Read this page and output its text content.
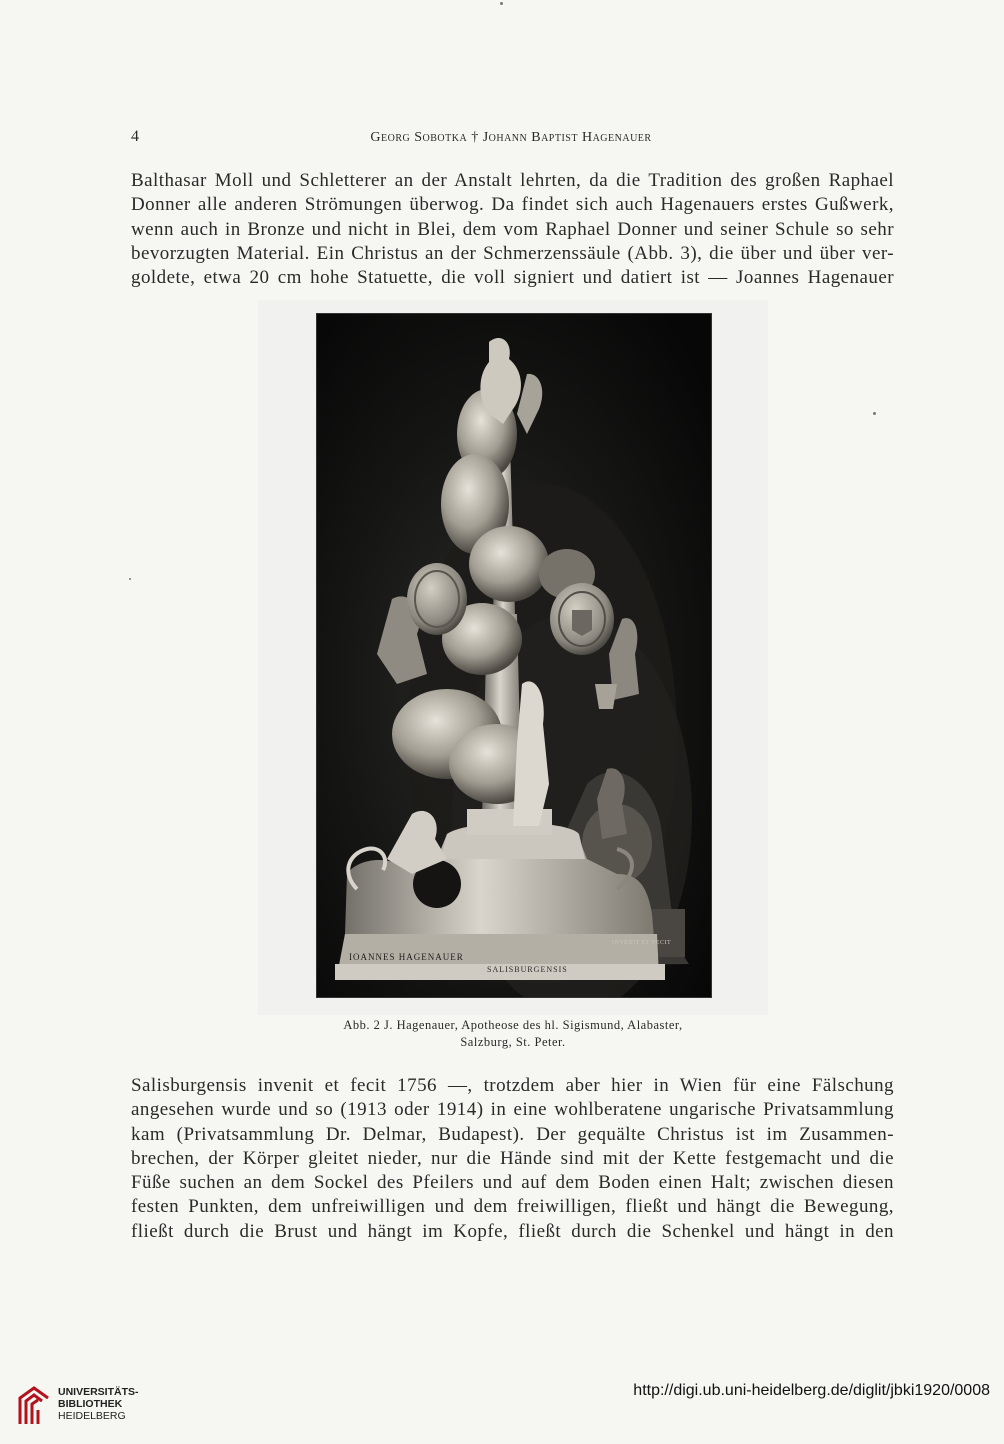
4	Georg Sobotka † Johann Baptist Hagenauer
Balthasar Moll und Schletterer an der Anstalt lehrten, da die Tradition des großen Raphael
Donner alle anderen Strömungen überwog. Da findet sich auch Hagenauers erstes Gußwerk,
wenn auch in Bronze und nicht in Blei, dem vom Raphael Donner und seiner Schule so sehr
bevorzugten Material. Ein Christus an der Schmerzenssäule (Abb. 3), die über und über ver-
goldete, etwa 20 cm hohe Statuette, die voll signiert und datiert ist — Joannes Hagenauer
IOANNES HAGENAUER
SALISBURGENSIS
INVENIT ET FECIT
Abb. 2 J. Hagenauer, Apotheose des hl. Sigismund, Alabaster,
Salzburg, St. Peter.
Salisburgensis invenit et fecit 1756 —, trotzdem aber hier in Wien für eine Fälschung
angesehen wurde und so (1913 oder 1914) in eine wohlberatene ungarische Privatsammlung
kam (Privatsammlung Dr. Delmar, Budapest). Der gequälte Christus ist im Zusammen-
brechen, der Körper gleitet nieder, nur die Hände sind mit der Kette festgemacht und die
Füße suchen an dem Sockel des Pfeilers und auf dem Boden einen Halt; zwischen diesen
festen Punkten, dem unfreiwilligen und dem freiwilligen, fließt und hängt die Bewegung,
fließt durch die Brust und hängt im Kopfe, fließt durch die Schenkel und hängt in den
UNIVERSITÄTS-
BIBLIOTHEK
HEIDELBERG
http://digi.ub.uni-heidelberg.de/diglit/jbki1920/0008
